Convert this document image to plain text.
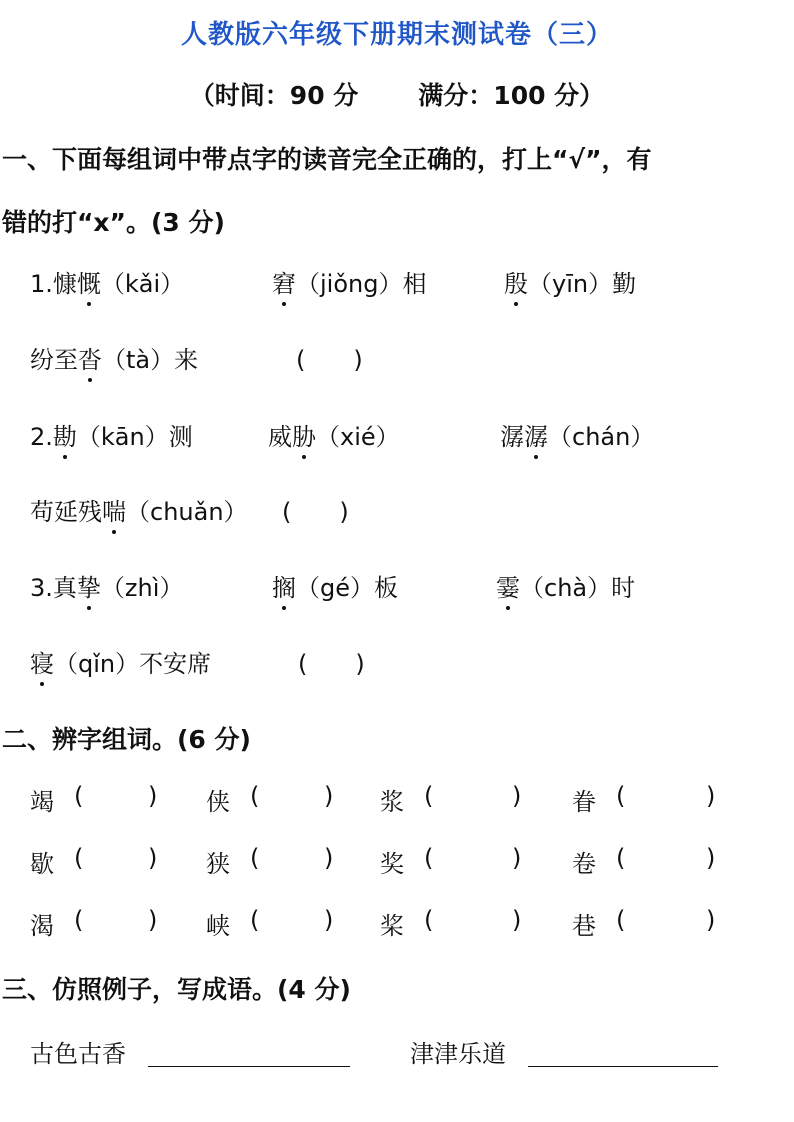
人教版六年级下册期末测试卷（三）
（时间：90 分 满分：100 分）
一、下面每组词中带点字的读音完全正确的，打上“√”，有
错的打“x”。(3 分)
1.慷慨（kǎi）	窘（jiǒng）相	殷（yīn）勤
纷至沓（tà）来	(　　)
2.勘（kān）测	威胁（xié）	潺潺（chán）
苟延残喘（chuǎn） (　　)
3.真挚（zhì）	搁（gé）板	霎（chà）时
寝（qǐn）不安席	(　　)
二、辨字组词。(6 分)
竭 (	) 侠 (	) 浆 (	) 眷 (	)
歇 (	) 狭 (	) 奖 (	) 卷 (	)
渴 (	) 峡 (	) 桨 (	) 巷 (	)
三、仿照例子，写成语。(4 分)
古色古香	津津乐道
